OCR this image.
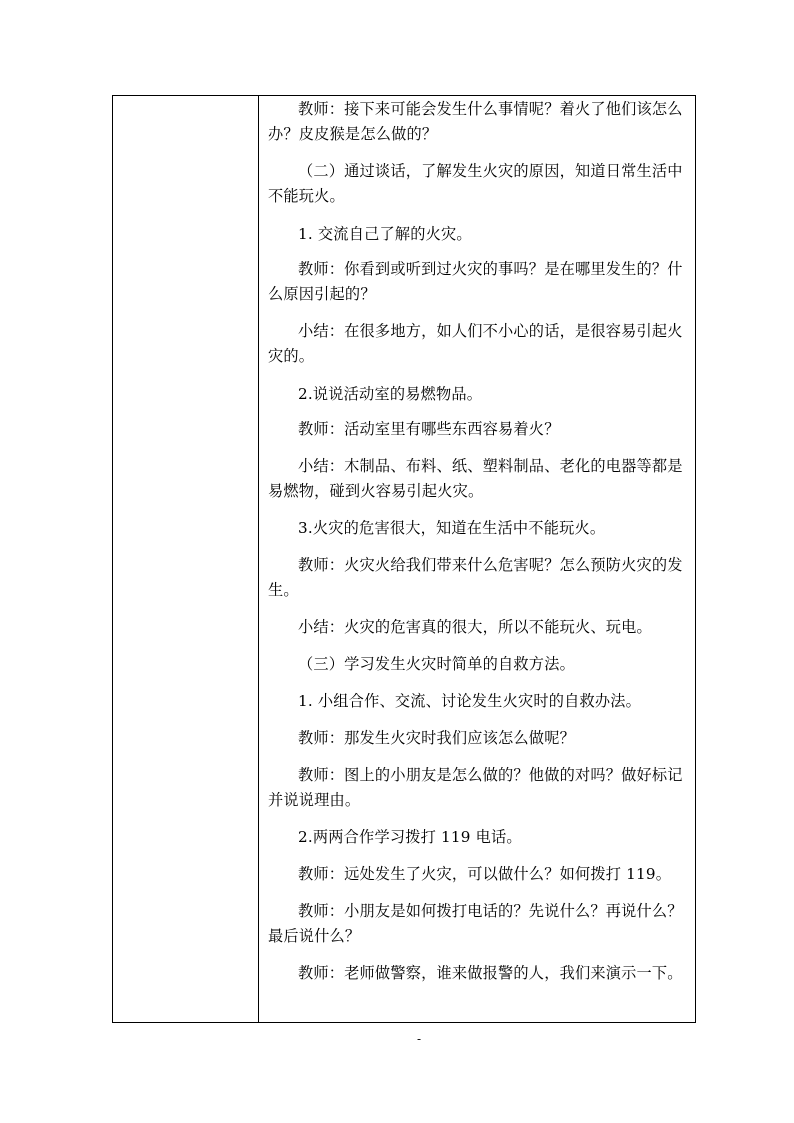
教师：接下来可能会发生什么事情呢？着火了他们该怎么办？皮皮猴是怎么做的？

（二）通过谈话，了解发生火灾的原因，知道日常生活中不能玩火。

1. 交流自己了解的火灾。

教师：你看到或听到过火灾的事吗？是在哪里发生的？什么原因引起的？

小结：在很多地方，如人们不小心的话，是很容易引起火灾的。

2.说说活动室的易燃物品。

教师：活动室里有哪些东西容易着火？

小结：木制品、布料、纸、塑料制品、老化的电器等都是易燃物，碰到火容易引起火灾。

3.火灾的危害很大，知道在生活中不能玩火。

教师：火灾火给我们带来什么危害呢？怎么预防火灾的发生。

小结：火灾的危害真的很大，所以不能玩火、玩电。

（三）学习发生火灾时简单的自救方法。

1. 小组合作、交流、讨论发生火灾时的自救办法。

教师：那发生火灾时我们应该怎么做呢？

教师：图上的小朋友是怎么做的？他做的对吗？做好标记并说说理由。

2.两两合作学习拨打 119 电话。

教师：远处发生了火灾，可以做什么？如何拨打 119。

教师：小朋友是如何拨打电话的？先说什么？再说什么？最后说什么？

教师：老师做警察，谁来做报警的人，我们来演示一下。

-
